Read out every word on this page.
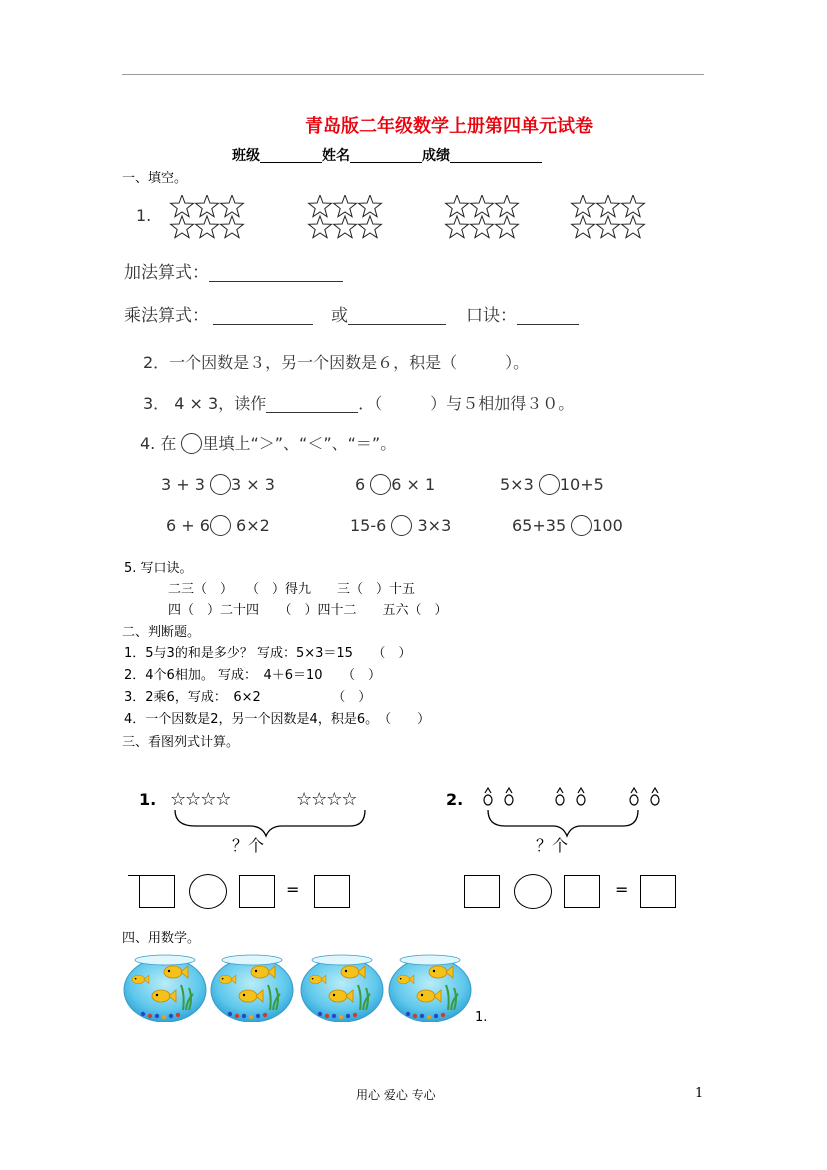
青岛版二年级数学上册第四单元试卷
班级	姓名	成绩
一、填空。
1.
加法算式：
乘法算式：	或	口诀：
2．一个因数是３，另一个因数是６，积是（　　　）。
3． 4 × 3，读作	．（　　　）与５相加得３０。
4. 在 里填上“＞”、“＜”、“＝”。
3 + 3 3 × 3	6 6 × 1	5×3 10+5
6 + 6 6×2	15-6 3×3	65+35 100
5. 写口诀。
二三（　）　　（　）得九　　三（　）十五
四（　）二十四　　（　）四十二　　五六（　）
二、判断题。
1．5与3的和是多少？ 写成：5×3＝15　　（　）
2．4个6相加。 写成：　4＋6＝10　　（　）
3．2乘6，写成：　6×2　　　　　　（　）
4．一个因数是2，另一个因数是4，积是6。　（　　）
三、看图列式计算。
1. ☆☆☆☆	☆☆☆☆
？个
2.
？个
=	=
四、用数学。
1.
用心 爱心 专心	1
